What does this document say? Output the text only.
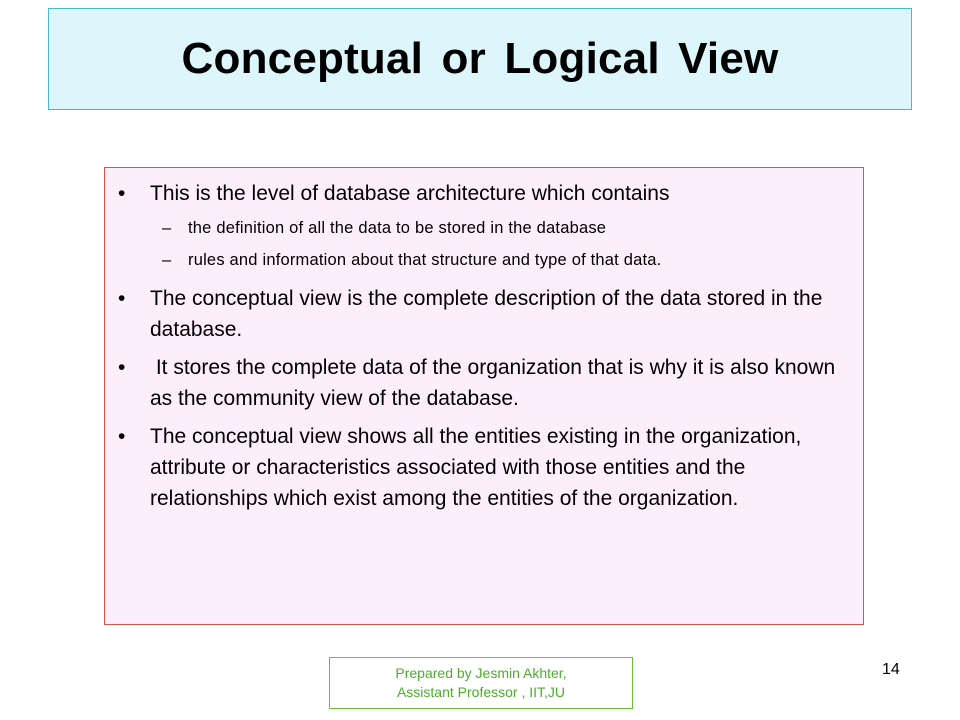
Conceptual or Logical View
• This is the level of database architecture which contains
– the definition of all the data to be stored in the database
– rules and information about that structure and type of that data.
• The conceptual view is the complete description of the data stored in the database.
• It stores the complete data of the organization that is why it is also known as the community view of the database.
• The conceptual view shows all the entities existing in the organization, attribute or characteristics associated with those entities and the relationships which exist among the entities of the organization.
Prepared by Jesmin Akhter,
Assistant Professor , IIT,JU
14
